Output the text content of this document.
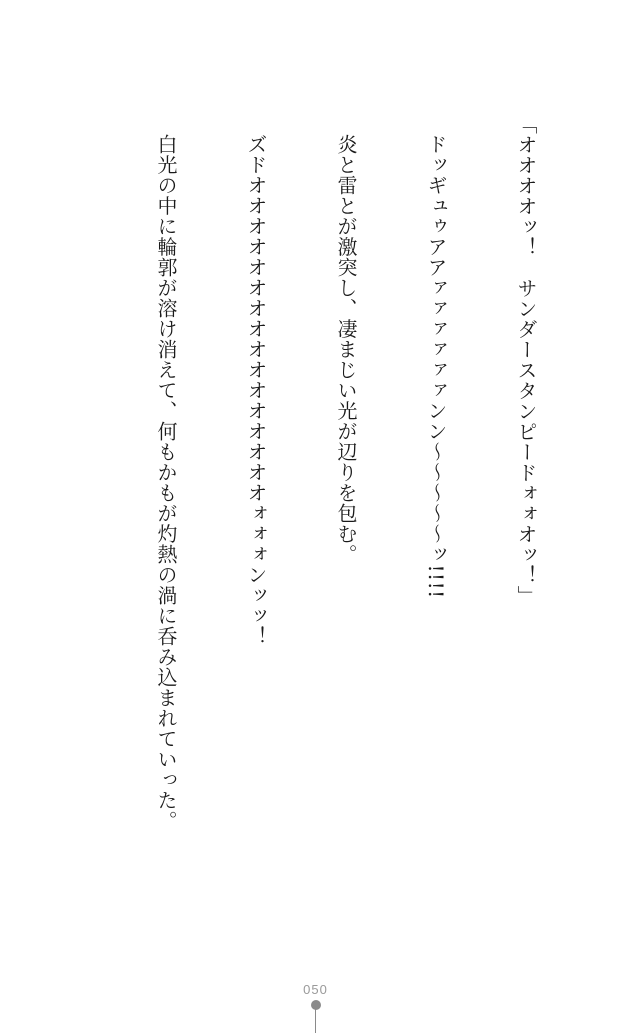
「オオオオッ！　サンダースタンピードォォオッ！」

ドッギュゥアアァァァァァァンン～～～～～ッ!!!!

炎と雷とが激突し、凄まじい光が辺りを包む。

ズドオオオオオオオオオオオオオオオオォォォンッッ！

白光の中に輪郭が溶け消えて、何もかもが灼熱の渦に呑み込まれていった。

050
